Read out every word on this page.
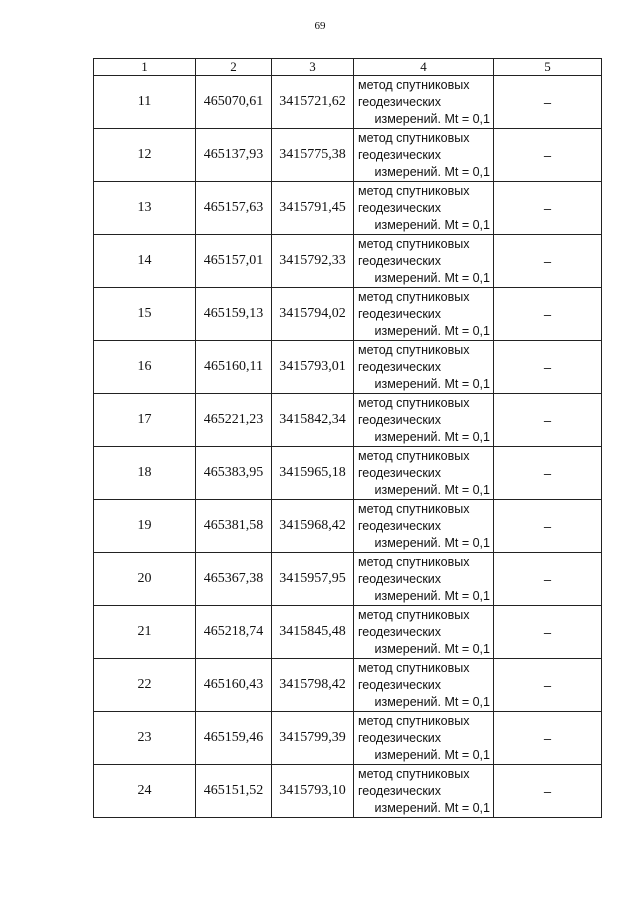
69
1	2	3	4	5
11	465070,61	3415721,62	метод спутниковых
геодезических
измерений. Mt = 0,1	–
12	465137,93	3415775,38	метод спутниковых
геодезических
измерений. Mt = 0,1	–
13	465157,63	3415791,45	метод спутниковых
геодезических
измерений. Mt = 0,1	–
14	465157,01	3415792,33	метод спутниковых
геодезических
измерений. Mt = 0,1	–
15	465159,13	3415794,02	метод спутниковых
геодезических
измерений. Mt = 0,1	–
16	465160,11	3415793,01	метод спутниковых
геодезических
измерений. Mt = 0,1	–
17	465221,23	3415842,34	метод спутниковых
геодезических
измерений. Mt = 0,1	–
18	465383,95	3415965,18	метод спутниковых
геодезических
измерений. Mt = 0,1	–
19	465381,58	3415968,42	метод спутниковых
геодезических
измерений. Mt = 0,1	–
20	465367,38	3415957,95	метод спутниковых
геодезических
измерений. Mt = 0,1	–
21	465218,74	3415845,48	метод спутниковых
геодезических
измерений. Mt = 0,1	–
22	465160,43	3415798,42	метод спутниковых
геодезических
измерений. Mt = 0,1	–
23	465159,46	3415799,39	метод спутниковых
геодезических
измерений. Mt = 0,1	–
24	465151,52	3415793,10	метод спутниковых
геодезических
измерений. Mt = 0,1	–
